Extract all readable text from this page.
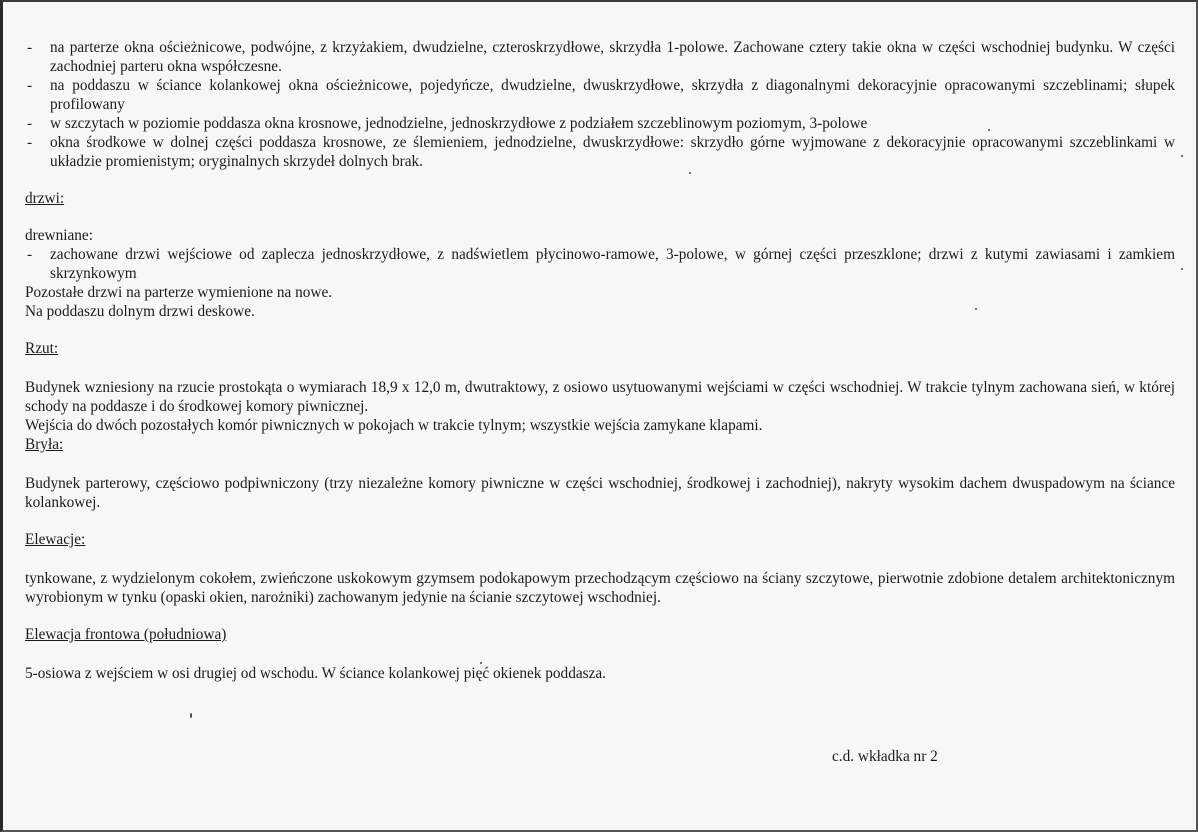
- na parterze okna ościeżnicowe, podwójne, z krzyżakiem, dwudzielne, czteroskrzydłowe, skrzydła 1-polowe. Zachowane cztery takie okna w części wschodniej budynku. W części zachodniej parteru okna współczesne.
- na poddaszu w ściance kolankowej okna ościeżnicowe, pojedyńcze, dwudzielne, dwuskrzydłowe, skrzydła z diagonalnymi dekoracyjnie opracowanymi szczeblinami; słupek profilowany
- w szczytach w poziomie poddasza okna krosnowe, jednodzielne, jednoskrzydłowe z podziałem szczeblinowym poziomym, 3-polowe
- okna środkowe w dolnej części poddasza krosnowe, ze ślemieniem, jednodzielne, dwuskrzydłowe: skrzydło górne wyjmowane z dekoracyjnie opracowanymi szczeblinkami w układzie promienistym; oryginalnych skrzydeł dolnych brak.
drzwi:
drewniane:
- zachowane drzwi wejściowe od zaplecza jednoskrzydłowe, z nadświetlem płycinowo-ramowe, 3-polowe, w górnej części przeszklone; drzwi z kutymi zawiasami i zamkiem skrzynkowym
Pozostałe drzwi na parterze wymienione na nowe.
Na poddaszu dolnym drzwi deskowe.
Rzut:
Budynek wzniesiony na rzucie prostokąta o wymiarach 18,9 x 12,0 m, dwutraktowy, z osiowo usytuowanymi wejściami w części wschodniej. W trakcie tylnym zachowana sień, w której schody na poddasze i do środkowej komory piwnicznej.
Wejścia do dwóch pozostałych komór piwnicznych w pokojach w trakcie tylnym; wszystkie wejścia zamykane klapami.
Bryła:
Budynek parterowy, częściowo podpiwniczony (trzy niezależne komory piwniczne w części wschodniej, środkowej i zachodniej), nakryty wysokim dachem dwuspadowym na ściance kolankowej.
Elewacje:
tynkowane, z wydzielonym cokołem, zwieńczone uskokowym gzymsem podokapowym przechodzącym częściowo na ściany szczytowe, pierwotnie zdobione detalem architektonicznym wyrobionym w tynku (opaski okien, narożniki) zachowanym jedynie na ścianie szczytowej wschodniej.
Elewacja frontowa (południowa)
5-osiowa z wejściem w osi drugiej od wschodu. W ściance kolankowej pięć okienek poddasza.
c.d. wkładka nr 2
